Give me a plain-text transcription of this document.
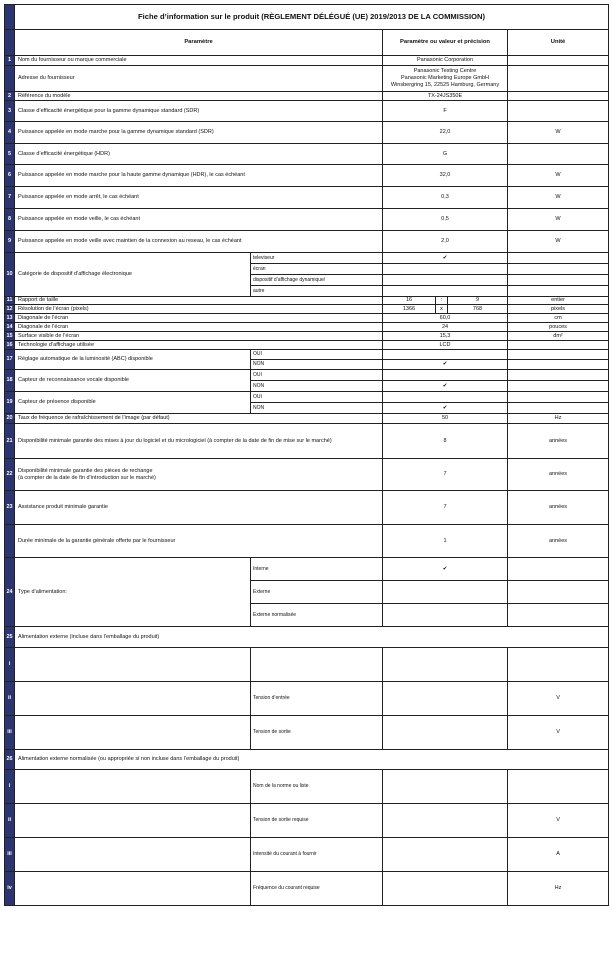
	Fiche d’information sur le produit (RÈGLEMENT DÉLÉGUÉ (UE) 2019/2013 DE LA COMMISSION)					
	Paramètre		Paramètre ou valeur et précision			Unité
1	Nom du fournisseur ou marque commerciale		Panasonic Corporation			
	Adresse du fournisseur		Panasonic Testing Centre
Panasonic Marketing Europe GmbH
Winsbergring 15, 22525 Hamburg, Germany			

2	Référence du modèle		TX-24JS350E			
3	Classe d’efficacité énergétique pour la gamme dynamique standard (SDR)		F			
4	Puissance appelée en mode marche pour la gamme dynamique standard (SDR)		22,0			W
5	Classe d’efficacité énergétique (HDR)		G			
6	Puissance appelée en mode marche pour la haute gamme dynamique (HDR), le cas échéant		32,0			W
7	Puissance appelée en mode arrêt, le cas échéant		0,3			W
8	Puissance appelée en mode veille, le cas échéant		0,5			W
9	Puissance appelée en mode veille avec maintien de la connexion au reseau, le cas échéant		2,0			W
10	Catégorie de dispositif d’affichage électronique	televiseur	✔			
		écran				
		dispositif d’affichage dynamique/				
		autre				
11	Rapport de taille		16	:	9	entier
12	Résolution de l’écran (pixels)		1366	x	768	pixels
13	Diagonale de l’écran		60,0			cm
14	Diagonale de l’écran		24			pouces
15	Surface visible de l’écran		15,3			dm²
16	Technologie d’affichage utilisée		LCD			
17	Réglage automatique de la luminosité (ABC) disponible	OUI				
		NON	✔			
18	Capteur de reconnaissance vocale disponible	OUI				
		NON	✔			
19	Capteur de présence disponible	OUI				
		NON	✔			
20	Taux de fréquence de rafraîchissement de l’image (par défaut)		50			Hz
21	Disponibilité minimale garantie des mises à jour du logiciel et du micrologiciel (à compter de la date de fin de mise sur le marché)		8			années
22	Disponibilité minimale garantie des pièces de rechange
(à compter de la date de fin d’introduction sur le marché)		7			années
23	Assistance produit minimale garantie		7			années
	Durée minimale de la garantie générale offerte par le fournisseur		1			années
24	Type d’alimentation:	Interne	✔			
		Externe				
		Externe normalisée				
25	Alimentation externe (incluse dans l’emballage du produit)					
i						
ii		Tension d’entrée				V
iii		Tension de sortie				V
26	Alimentation externe normalisée (ou appropriée si non incluse dans l’emballage du produit)					
i		Nom de la norme ou liste				
ii		Tension de sortie requise				V
iii		Intensité du courant à fournir				A
iv		Fréquence du courant requise				Hz
